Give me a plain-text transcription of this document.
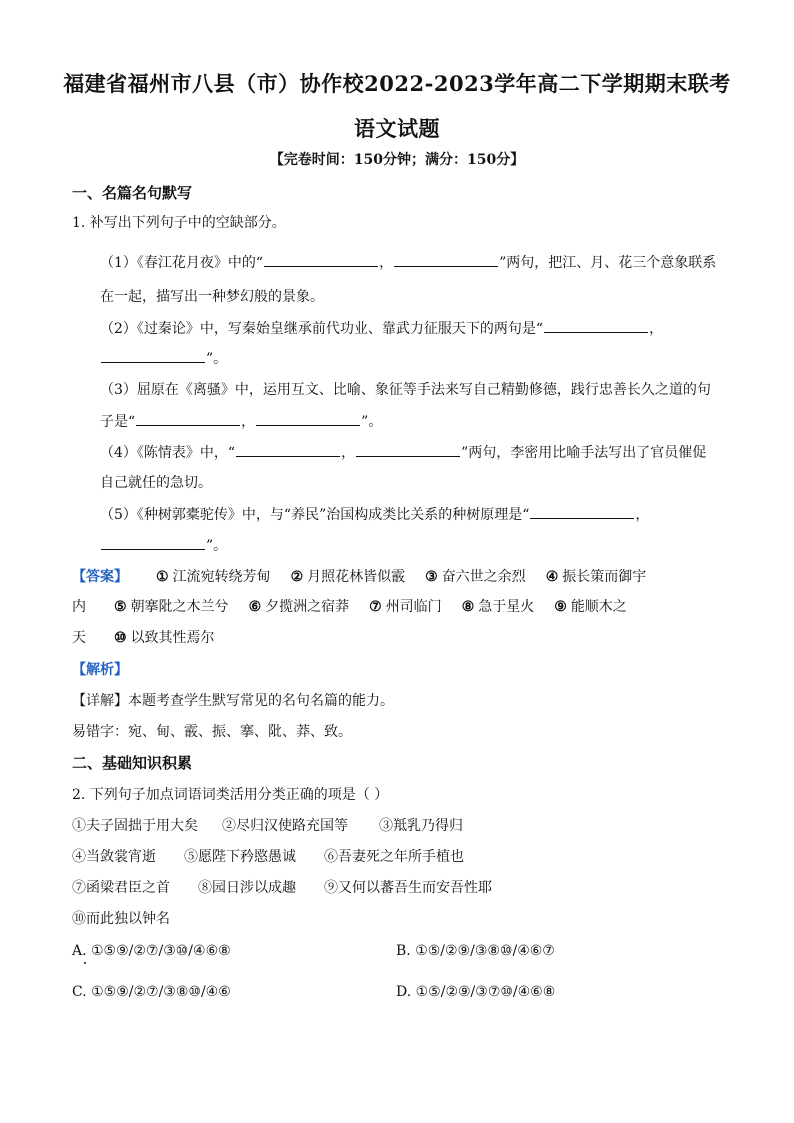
福建省福州市八县（市）协作校2022-2023学年高二下学期期末联考
语文试题
【完卷时间：150分钟；满分：150分】
一、名篇名句默写
1. 补写出下列句子中的空缺部分。
（1）《春江花月夜》中的“	，	”两句，把江、月、花三个意象联系
在一起，描写出一种梦幻般的景象。
（2）《过秦论》中，写秦始皇继承前代功业、靠武力征服天下的两句是“	，
”。
（3）屈原在《离骚》中，运用互文、比喻、象征等手法来写自己精勤修德，践行忠善长久之道的句
子是“	，	”。
（4）《陈情表》中，“	，	”两句，李密用比喻手法写出了官员催促
自己就任的急切。
（5）《种树郭橐驼传》中，与“养民”治国构成类比关系的种树原理是“	，
”。
【答案】 ① 江流宛转绕芳甸 ② 月照花林皆似霰 ③ 奋六世之余烈 ④ 振长策而御宇
内 ⑤ 朝搴阰之木兰兮 ⑥ 夕揽洲之宿莽 ⑦ 州司临门 ⑧ 急于星火 ⑨ 能顺木之
天 ⑩ 以致其性焉尔
【解析】
【详解】本题考查学生默写常见的名句名篇的能力。
易错字：宛、甸、霰、振、搴、阰、莽、致。
二、基础知识积累
2. 下列句子加点词语词类活用分类正确的项是（ ）
①夫子固拙于用大矣 ②尽归汉使路充国等 ③羝乳乃得归
④当敛裳宵逝 ⑤愿陛下矜愍愚诚 ⑥吾妻死之年所手植也
⑦函梁君臣之首 ⑧园日涉以成趣 ⑨又何以蕃吾生而安吾性耶
⑩而此独以钟名
A. ①⑤⑨/②⑦/③⑩/④⑥⑧	B. ①⑤/②⑨/③⑧⑩/④⑥⑦
C. ①⑤⑨/②⑦/③⑧⑩/④⑥	D. ①⑤/②⑨/③⑦⑩/④⑥⑧
